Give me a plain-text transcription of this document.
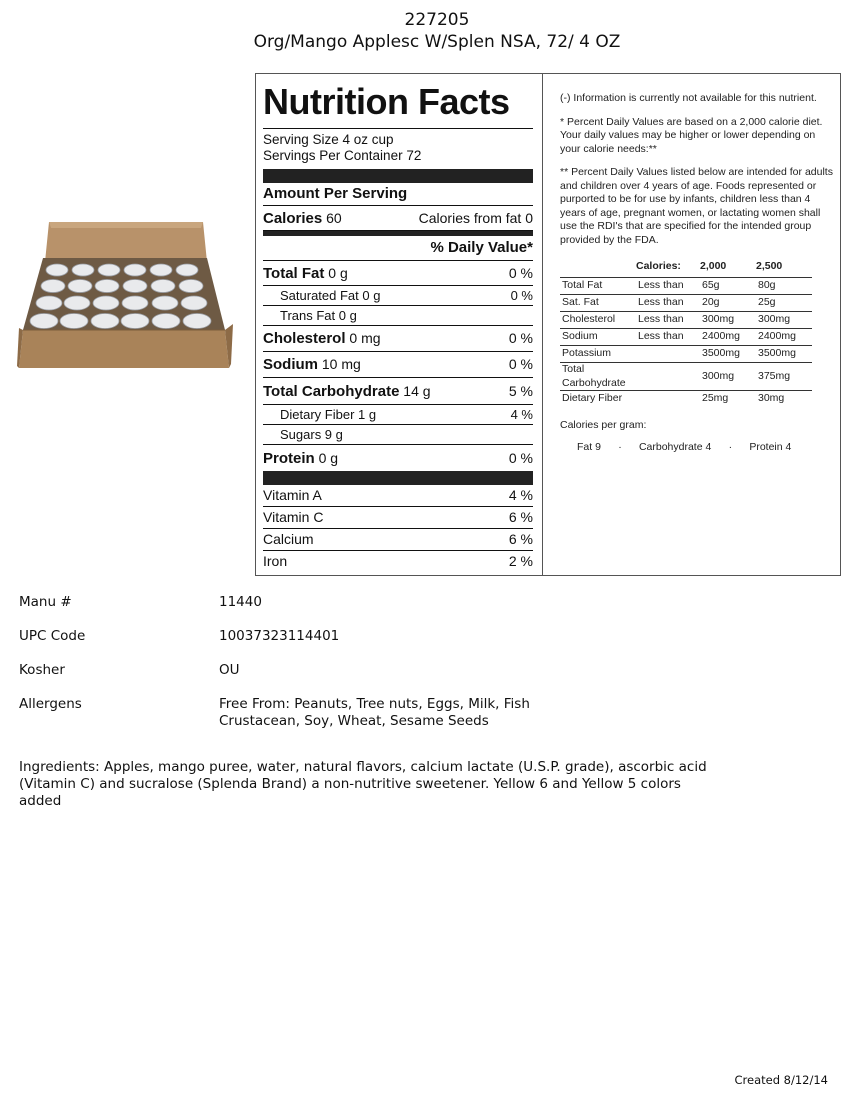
227205
Org/Mango Applesc W/Splen NSA, 72/ 4 OZ
Nutrition Facts
Serving Size 4 oz cup
Servings Per Container 72
Amount Per Serving
Calories 60	Calories from fat 0
% Daily Value*
Total Fat 0 g	0 %
Saturated Fat 0 g	0 %
Trans Fat 0 g
Cholesterol 0 mg	0 %
Sodium 10 mg	0 %
Total Carbohydrate 14 g	5 %
Dietary Fiber 1 g	4 %
Sugars 9 g
Protein 0 g	0 %
Vitamin A	4 %
Vitamin C	6 %
Calcium	6 %
Iron	2 %

(-) Information is currently not available for this nutrient.

* Percent Daily Values are based on a 2,000 calorie diet. Your daily values may be higher or lower depending on your calorie needs:**

** Percent Daily Values listed below are intended for adults and children over 4 years of age. Foods represented or purported to be for use by infants, children less than 4 years of age, pregnant women, or lactating women shall use the RDI's that are specified for the intended group provided by the FDA.

	Calories:	2,000	2,500
Total Fat	Less than	65g	80g
Sat. Fat	Less than	20g	25g
Cholesterol	Less than	300mg	300mg
Sodium	Less than	2400mg	2400mg
Potassium		3500mg	3500mg
Total Carbohydrate		300mg	375mg
Dietary Fiber		25mg	30mg
Calories per gram:
Fat 9	·	Carbohydrate 4	·	Protein 4
Manu #	11440
UPC Code	10037323114401
Kosher	OU
Allergens	Free From: Peanuts, Tree nuts, Eggs, Milk, Fish
Crustacean, Soy, Wheat, Sesame Seeds
Ingredients: Apples, mango puree, water, natural flavors, calcium lactate (U.S.P. grade), ascorbic acid (Vitamin C) and sucralose (Splenda Brand) a non-nutritive sweetener. Yellow 6 and Yellow 5 colors added
Created 8/12/14
